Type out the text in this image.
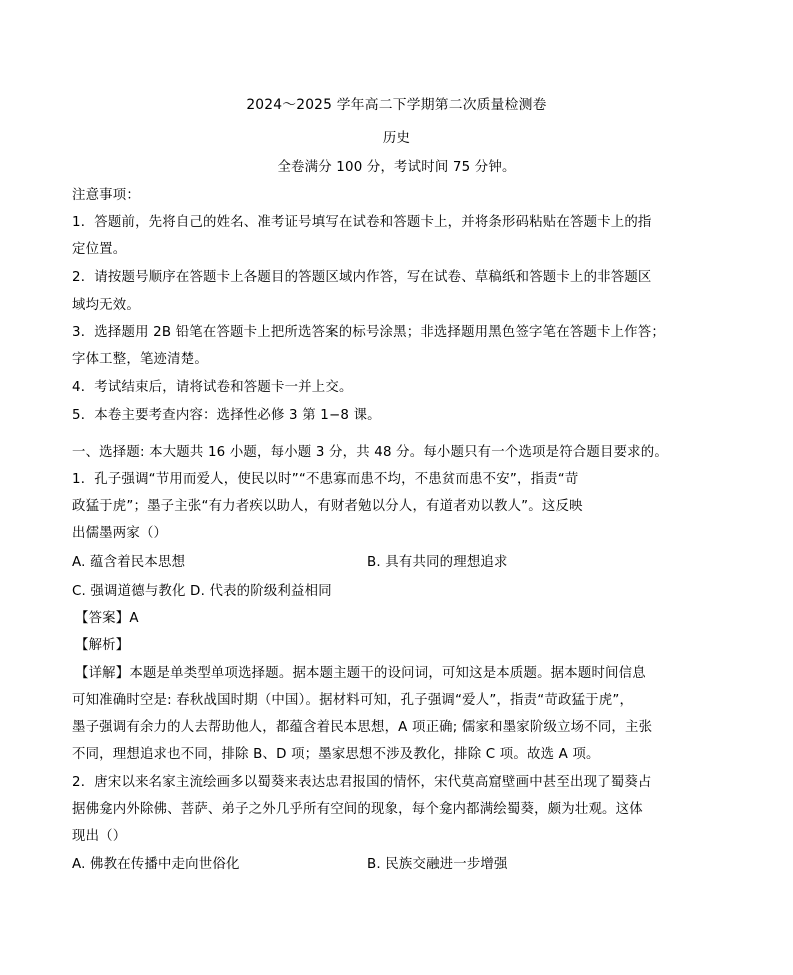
2024～2025 学年高二下学期第二次质量检测卷
历史
全卷满分 100 分，考试时间 75 分钟。
注意事项：
1．答题前，先将自己的姓名、准考证号填写在试卷和答题卡上，并将条形码粘贴在答题卡上的指
定位置。
2．请按题号顺序在答题卡上各题目的答题区域内作答，写在试卷、草稿纸和答题卡上的非答题区
域均无效。
3．选择题用 2B 铅笔在答题卡上把所选答案的标号涂黑；非选择题用黑色签字笔在答题卡上作答；
字体工整，笔迹清楚。
4．考试结束后，请将试卷和答题卡一并上交。
5．本卷主要考查内容：选择性必修 3 第 1−8 课。
一、选择题: 本大题共 16 小题，每小题 3 分，共 48 分。每小题只有一个选项是符合题目要求的。
1．孔子强调“节用而爱人，使民以时”“不患寡而患不均，不患贫而患不安”，指责“苛
政猛于虎”；墨子主张“有力者疾以助人，有财者勉以分人，有道者劝以教人”。这反映
出儒墨两家（）
A. 蕴含着民本思想	B. 具有共同的理想追求
C. 强调道德与教化 D. 代表的阶级利益相同
【答案】A
【解析】
【详解】本题是单类型单项选择题。据本题主题干的设问词，可知这是本质题。据本题时间信息
可知准确时空是: 春秋战国时期（中国）。据材料可知，孔子强调“爱人”，指责“苛政猛于虎”，
墨子强调有余力的人去帮助他人，都蕴含着民本思想，A 项正确; 儒家和墨家阶级立场不同，主张
不同，理想追求也不同，排除 B、D 项；墨家思想不涉及教化，排除 C 项。故选 A 项。
2．唐宋以来名家主流绘画多以蜀葵来表达忠君报国的情怀，宋代莫高窟壁画中甚至出现了蜀葵占
据佛龛内外除佛、菩萨、弟子之外几乎所有空间的现象，每个龛内都满绘蜀葵，颇为壮观。这体
现出（）
A. 佛教在传播中走向世俗化	B. 民族交融进一步增强
